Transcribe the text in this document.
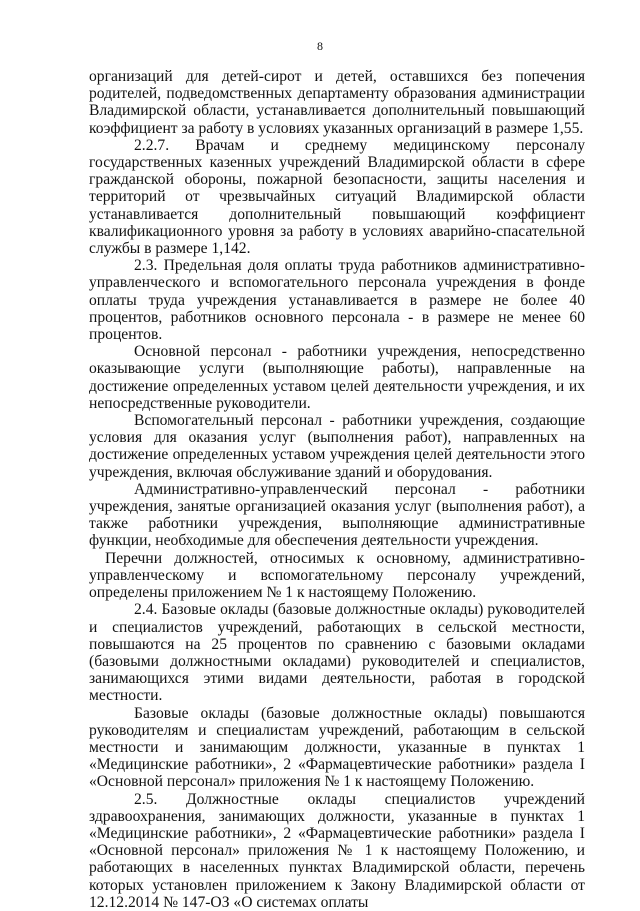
8

организаций для детей-сирот и детей, оставшихся без попечения родителей, подведомственных департаменту образования администрации Владимирской области, устанавливается дополнительный повышающий коэффициент за работу в условиях указанных организаций в размере 1,55.

2.2.7. Врачам и среднему медицинскому персоналу государственных казенных учреждений Владимирской области в сфере гражданской обороны, пожарной безопасности, защиты населения и территорий от чрезвычайных ситуаций Владимирской области устанавливается дополнительный повышающий коэффициент квалификационного уровня за работу в условиях аварийно-спасательной службы в размере 1,142.

2.3. Предельная доля оплаты труда работников административно-управленческого и вспомогательного персонала учреждения в фонде оплаты труда учреждения устанавливается в размере не более 40 процентов, работников основного персонала - в размере не менее 60 процентов.

Основной персонал - работники учреждения, непосредственно оказывающие услуги (выполняющие работы), направленные на достижение определенных уставом целей деятельности учреждения, и их непосредственные руководители.

Вспомогательный персонал - работники учреждения, создающие условия для оказания услуг (выполнения работ), направленных на достижение определенных уставом учреждения целей деятельности этого учреждения, включая обслуживание зданий и оборудования.

Административно-управленческий персонал - работники учреждения, занятые организацией оказания услуг (выполнения работ), а также работники учреждения, выполняющие административные функции, необходимые для обеспечения деятельности учреждения.

Перечни должностей, относимых к основному, административно-управленческому и вспомогательному персоналу учреждений, определены приложением № 1 к настоящему Положению.

2.4. Базовые оклады (базовые должностные оклады) руководителей и специалистов учреждений, работающих в сельской местности, повышаются на 25 процентов по сравнению с базовыми окладами (базовыми должностными окладами) руководителей и специалистов, занимающихся этими видами деятельности, работая в городской местности.

Базовые оклады (базовые должностные оклады) повышаются руководителям и специалистам учреждений, работающим в сельской местности и занимающим должности, указанные в пунктах 1 «Медицинские работники», 2 «Фармацевтические работники» раздела I «Основной персонал» приложения № 1 к настоящему Положению.

2.5. Должностные оклады специалистов учреждений здравоохранения, занимающих должности, указанные в пунктах 1 «Медицинские работники», 2 «Фармацевтические работники» раздела I «Основной персонал» приложения № 1 к настоящему Положению, и работающих в населенных пунктах Владимирской области, перечень которых установлен приложением к Закону Владимирской области от 12.12.2014 № 147-ОЗ «О системах оплаты
